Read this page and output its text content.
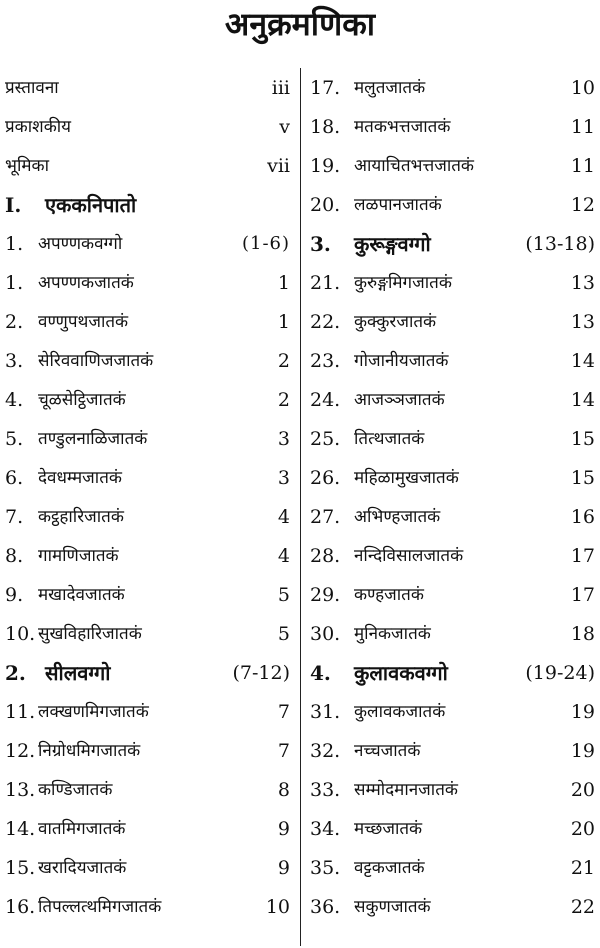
अनुक्रमणिका
प्रस्तावना	iii
प्रकाशकीय	v
भूमिका	vii
I. एककनिपातो
1. अपण्णकवग्गो	(1-6)
1. अपण्णकजातकं	1
2. वण्णुपथजातकं	1
3. सेरिववाणिजजातकं	2
4. चूळसेट्ठिजातकं	2
5. तण्डुलनाळिजातकं	3
6. देवधम्मजातकं	3
7. कट्ठहारिजातकं	4
8. गामणिजातकं	4
9. मखादेवजातकं	5
10. सुखविहारिजातकं	5
2. सीलवग्गो	(7-12)
11. लक्खणमिगजातकं	7
12. निग्रोधमिगजातकं	7
13. कण्डिजातकं	8
14. वातमिगजातकं	9
15. खरादियजातकं	9
16. तिपल्लत्थमिगजातकं	10
17. मलुतजातकं	10
18. मतकभत्तजातकं	11
19. आयाचितभत्तजातकं	11
20. लळपानजातकं	12
3. कुरूङ्गवग्गो	(13-18)
21. कुरुङ्गमिगजातकं	13
22. कुक्कुरजातकं	13
23. गोजानीयजातकं	14
24. आजञ्ञजातकं	14
25. तित्थजातकं	15
26. महिळामुखजातकं	15
27. अभिण्हजातकं	16
28. नन्दिविसालजातकं	17
29. कण्हजातकं	17
30. मुनिकजातकं	18
4. कुलावकवग्गो	(19-24)
31. कुलावकजातकं	19
32. नच्चजातकं	19
33. सम्मोदमानजातकं	20
34. मच्छजातकं	20
35. वट्टकजातकं	21
36. सकुणजातकं	22
